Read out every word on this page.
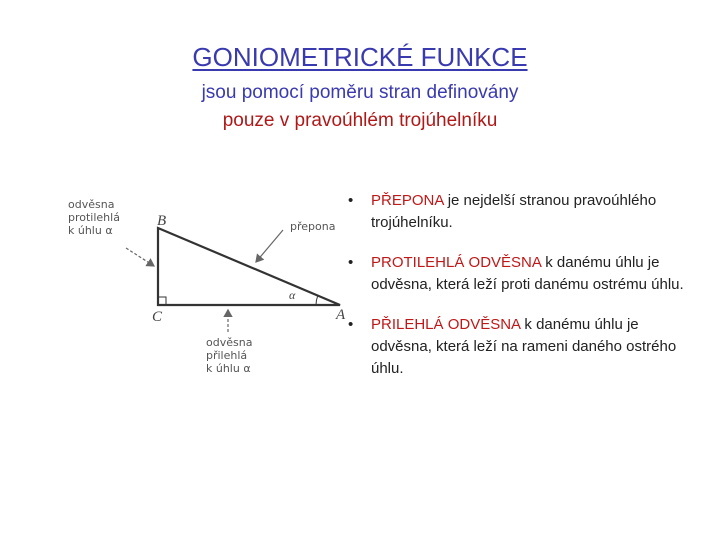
GONIOMETRICKÉ FUNKCE
jsou pomocí poměru stran definovány
pouze v pravoúhlém trojúhelníku
odvěsna
protilehlá
k úhlu α	přepona
odvěsna
přilehlá
k úhlu α
B
C	A
α
• PŘEPONA je nejdelší stranou pravoúhlého trojúhelníku.
• PROTILEHLÁ ODVĚSNA k danému úhlu je odvěsna, která leží proti danému ostrému úhlu.
• PŘILEHLÁ ODVĚSNA k danému úhlu je odvěsna, která leží na rameni daného ostrého úhlu.
